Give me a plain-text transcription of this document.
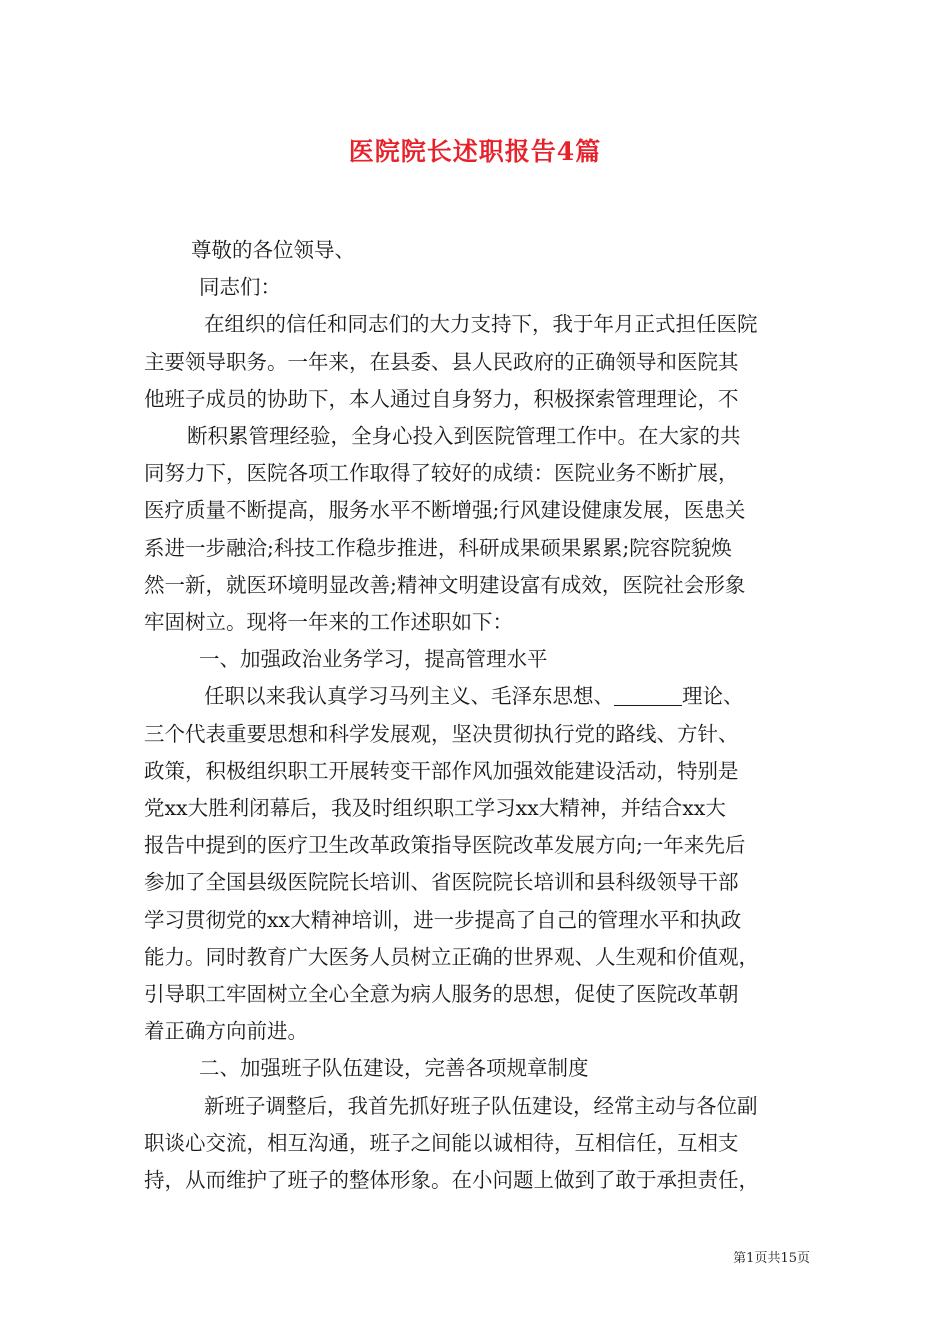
医院院长述职报告4篇

尊敬的各位领导、

同志们：

在组织的信任和同志们的大力支持下，我于年月正式担任医院

主要领导职务。一年来，在县委、县人民政府的正确领导和医院其

他班子成员的协助下，本人通过自身努力，积极探索管理理论，不

断积累管理经验，全身心投入到医院管理工作中。在大家的共

同努力下，医院各项工作取得了较好的成绩：医院业务不断扩展，

医疗质量不断提高，服务水平不断增强;行风建设健康发展，医患关

系进一步融洽;科技工作稳步推进，科研成果硕果累累;院容院貌焕

然一新，就医环境明显改善;精神文明建设富有成效，医院社会形象

牢固树立。现将一年来的工作述职如下：

一、加强政治业务学习，提高管理水平

任职以来我认真学习马列主义、毛泽东思想、	理论、

三个代表重要思想和科学发展观，坚决贯彻执行党的路线、方针、

政策，积极组织职工开展转变干部作风加强效能建设活动，特别是

党xx大胜利闭幕后，我及时组织职工学习xx大精神，并结合xx大

报告中提到的医疗卫生改革政策指导医院改革发展方向;一年来先后

参加了全国县级医院院长培训、省医院院长培训和县科级领导干部

学习贯彻党的xx大精神培训，进一步提高了自己的管理水平和执政

能力。同时教育广大医务人员树立正确的世界观、人生观和价值观，

引导职工牢固树立全心全意为病人服务的思想，促使了医院改革朝

着正确方向前进。

二、加强班子队伍建设，完善各项规章制度

新班子调整后，我首先抓好班子队伍建设，经常主动与各位副

职谈心交流，相互沟通，班子之间能以诚相待，互相信任，互相支

持，从而维护了班子的整体形象。在小问题上做到了敢于承担责任，

第1页共15页
